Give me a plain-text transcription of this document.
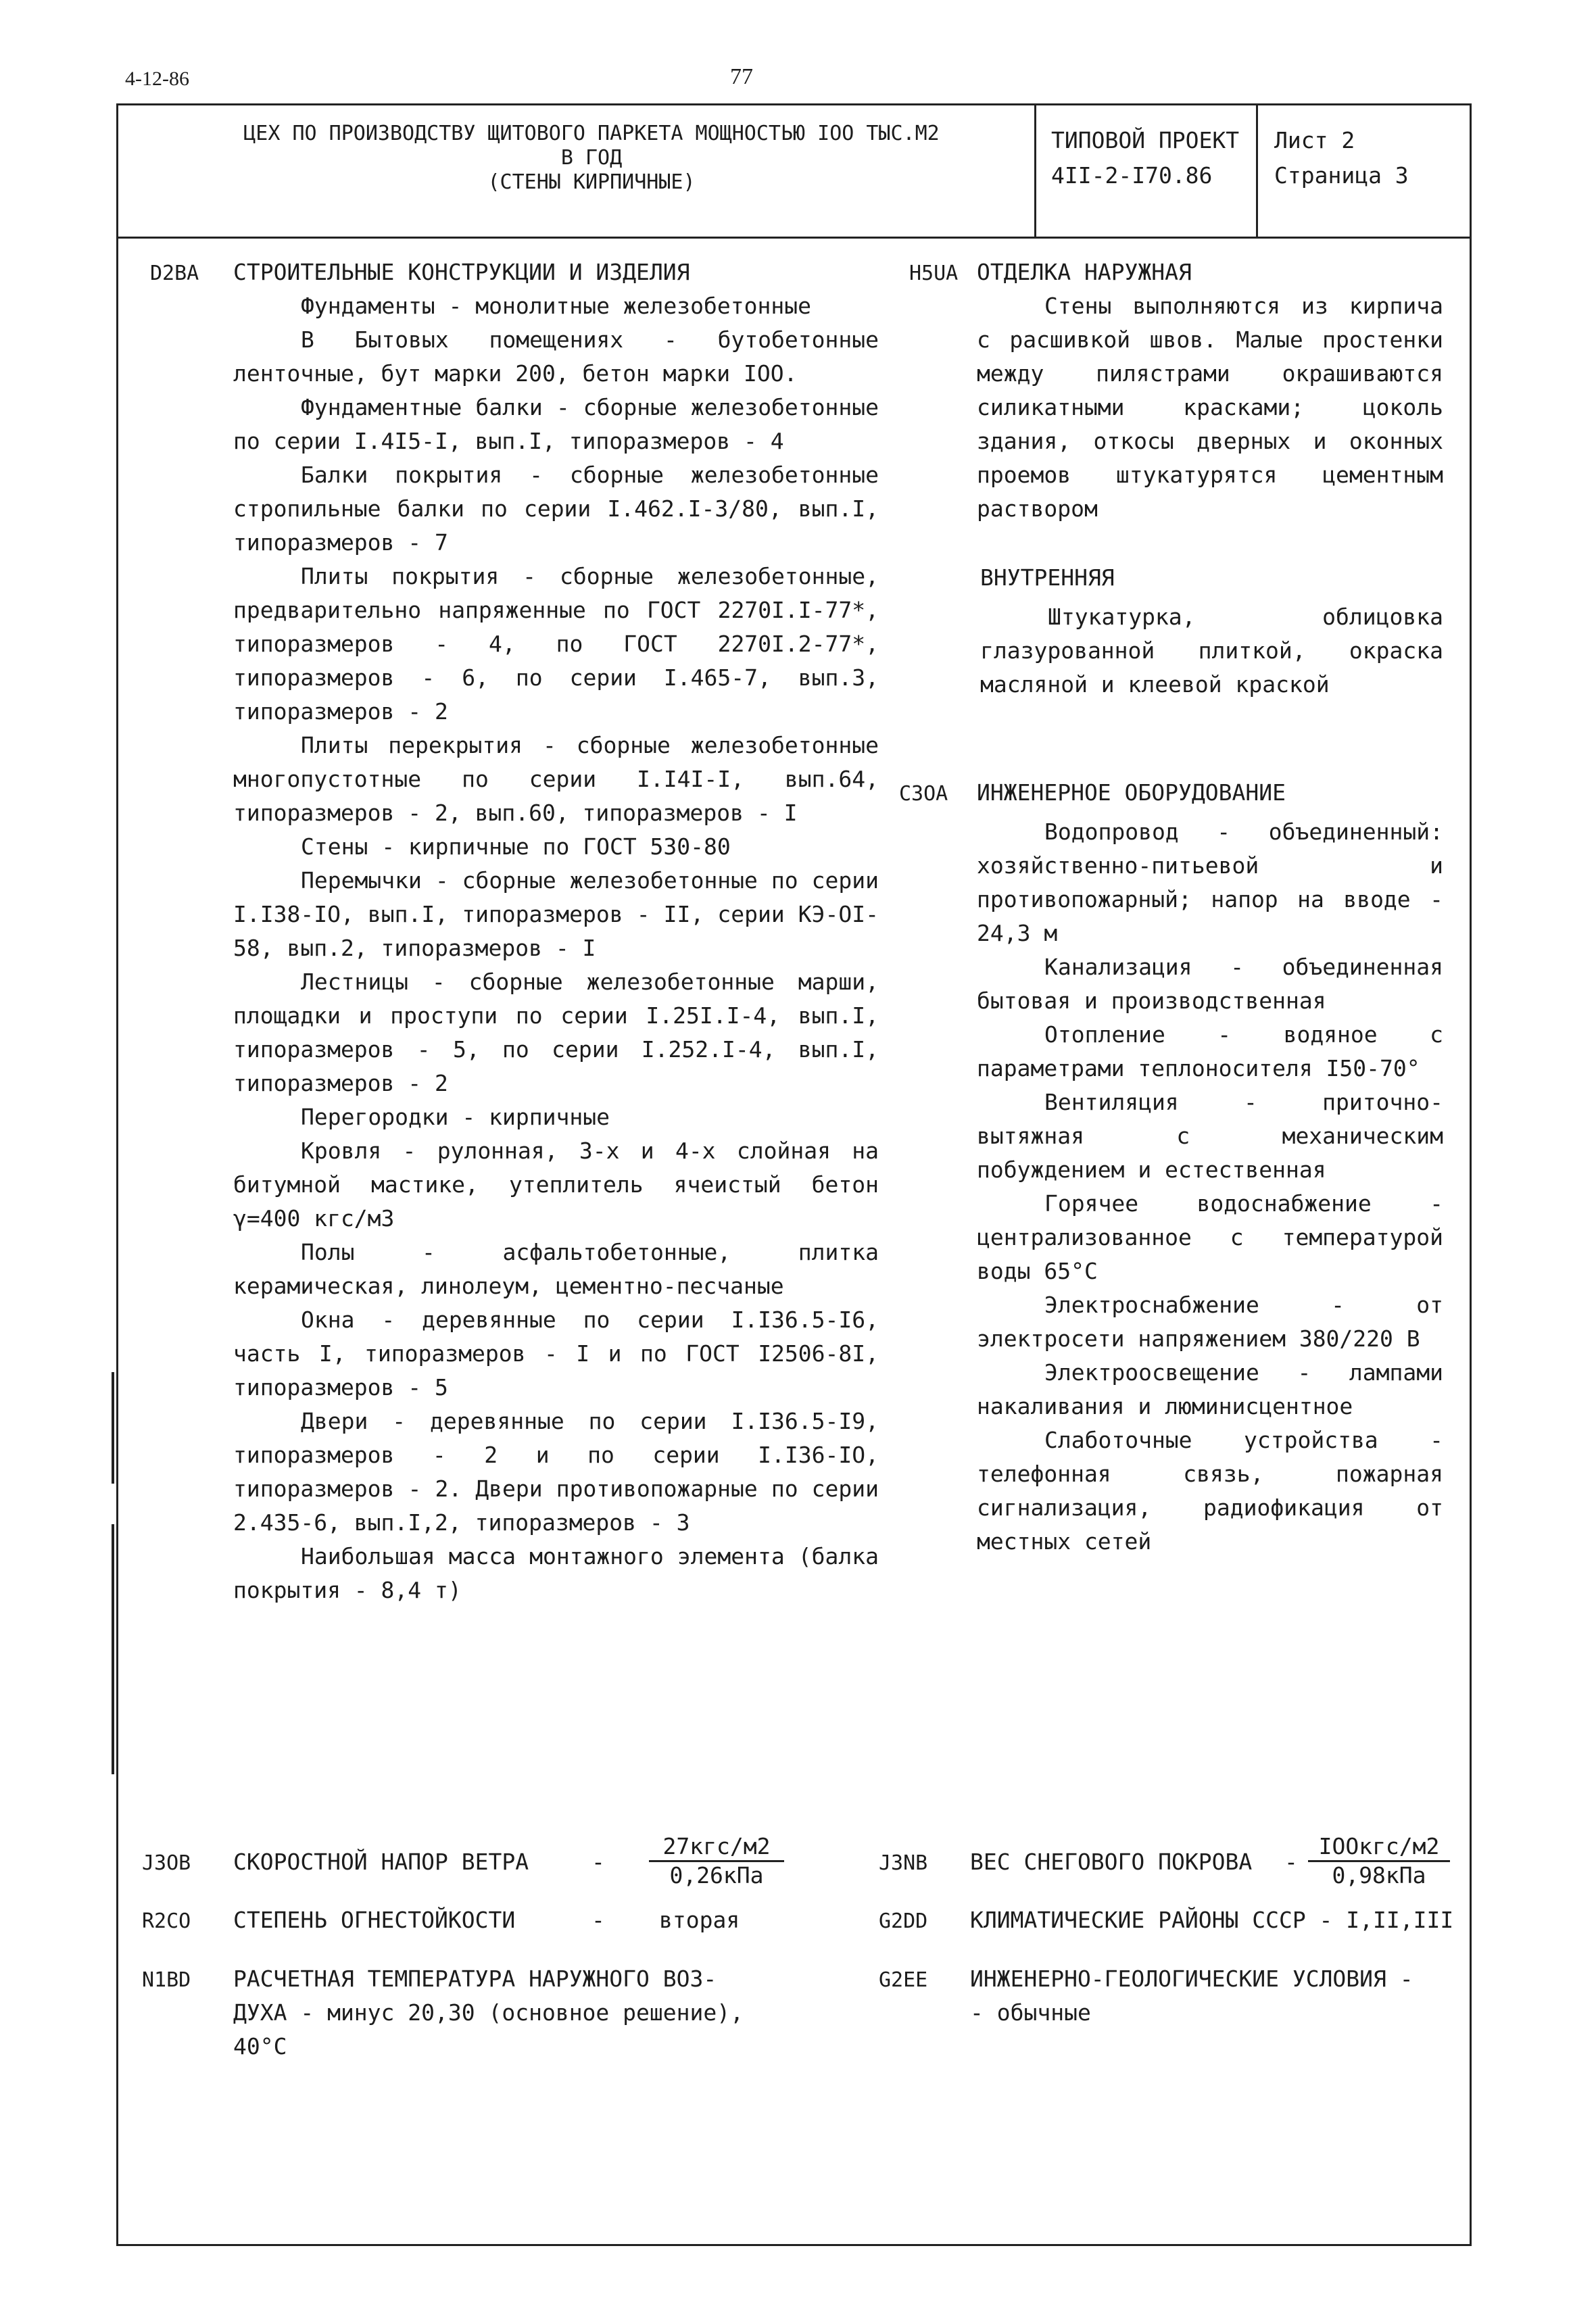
4-12-86	77
ЦЕХ ПО ПРОИЗВОДСТВУ ЩИТОВОГО ПАРКЕТА МОЩНОСТЬЮ IOO ТЫС.М2
В ГОД
(СТЕНЫ КИРПИЧНЫЕ)
ТИПОВОЙ ПРОЕКТ
4II-2-I70.86
Лист 2
Страница 3
D2BA СТРОИТЕЛЬНЫЕ КОНСТРУКЦИИ И ИЗДЕЛИЯ

Фундаменты - монолитные железобетонные

В Бытовых помещениях - бутобетонные ленточные, бут марки 200, бетон марки IOO.

Фундаментные балки - сборные железобетонные по серии I.4I5-I, вып.I, типоразмеров - 4

Балки покрытия - сборные железобетонные стропильные балки по серии I.462.I-3/80, вып.I, типоразмеров - 7

Плиты покрытия - сборные железобетонные, предварительно напряженные по ГОСТ 2270I.I-77*, типоразмеров - 4, по ГОСТ 2270I.2-77*, типоразмеров - 6, по серии I.465-7, вып.3, типоразмеров - 2

Плиты перекрытия - сборные железобетонные многопустотные по серии I.I4I-I, вып.64, типоразмеров - 2, вып.60, типоразмеров - I

Стены - кирпичные по ГОСТ 530-80

Перемычки - сборные железобетонные по серии I.I38-IO, вып.I, типоразмеров - II, серии КЭ-OI-58, вып.2, типоразмеров - I

Лестницы - сборные железобетонные марши, площадки и проступи по серии I.25I.I-4, вып.I, типоразмеров - 5, по серии I.252.I-4, вып.I, типоразмеров - 2

Перегородки - кирпичные

Кровля - рулонная, 3-х и 4-х слойная на битумной мастике, утеплитель ячеистый бетон γ=400 кгс/м3

Полы - асфальтобетонные, плитка керамическая, линолеум, цементно-песчаные

Окна - деревянные по серии I.I36.5-I6, часть I, типоразмеров - I и по ГОСТ I2506-8I, типоразмеров - 5

Двери - деревянные по серии I.I36.5-I9, типоразмеров - 2 и по серии I.I36-IO, типоразмеров - 2. Двери противопожарные по серии 2.435-6, вып.I,2, типоразмеров - 3

Наибольшая масса монтажного элемента (балка покрытия - 8,4 т)

H5UA ОТДЕЛКА НАРУЖНАЯ

Стены выполняются из кирпича с расшивкой швов. Малые простенки между пилястрами окрашиваются силикатными красками; цоколь здания, откосы дверных и оконных проемов штукатурятся цементным раствором

ВНУТРЕННЯЯ

Штукатурка, облицовка глазурованной плиткой, окраска масляной и клеевой краской

C3OA ИНЖЕНЕРНОЕ ОБОРУДОВАНИЕ

Водопровод - объединенный: хозяйственно-питьевой и противопожарный; напор на вводе - 24,3 м

Канализация - объединенная бытовая и производственная

Отопление - водяное с параметрами теплоносителя I50-70°

Вентиляция - приточно-вытяжная с механическим побуждением и естественная

Горячее водоснабжение - централизованное с температурой воды 65°С

Электроснабжение - от электросети напряжением 380/220 В

Электроосвещение - лампами накаливания и люминисцентное

Слаботочные устройства - телефонная связь, пожарная сигнализация, радиофикация от местных сетей

J3OB СКОРОСТНОЙ НАПОР ВЕТРА	-
27кгс/м2
0,26кПа
R2CO СТЕПЕНЬ ОГНЕСТОЙКОСТИ	- вторая
N1BD РАСЧЕТНАЯ ТЕМПЕРАТУРА НАРУЖНОГО ВОЗ-
ДУХА - минус 20,30 (основное решение),
40°С
J3NB ВЕС СНЕГОВОГО ПОКРОВА -
IOOкгс/м2
0,98кПа
G2DD КЛИМАТИЧЕСКИЕ РАЙОНЫ СССР - I,II,III
G2EE ИНЖЕНЕРНО-ГЕОЛОГИЧЕСКИЕ УСЛОВИЯ -
- обычные
